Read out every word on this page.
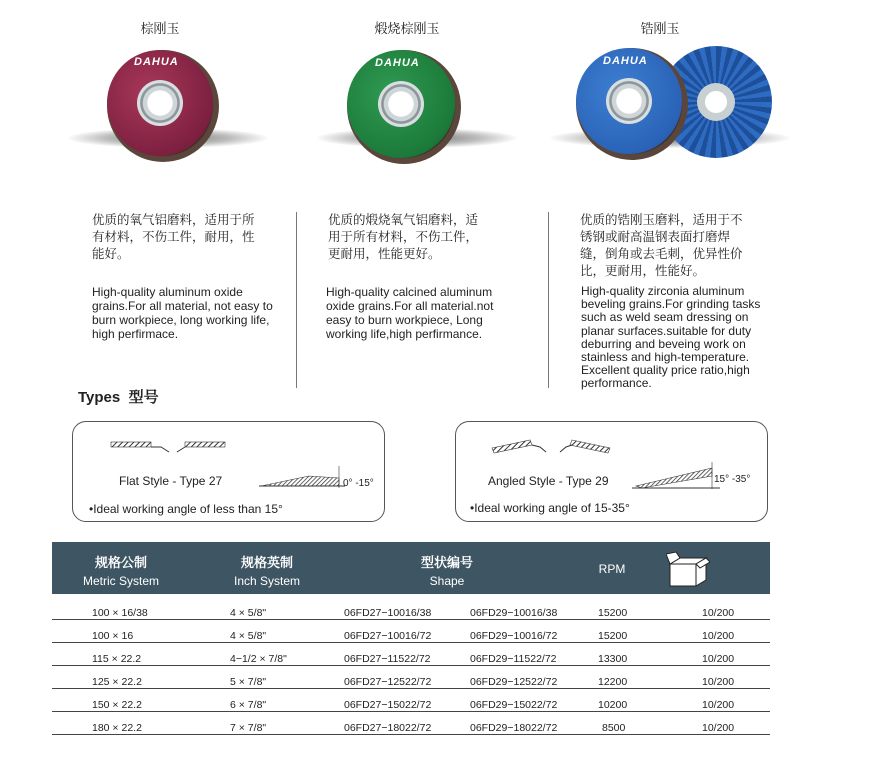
棕刚玉	煅烧棕刚玉	锆刚玉
DAHUA	DAHUA	DAHUA
优质的氧气铝磨料，适用于所
有材料，不伤工件，耐用，性
能好。
High-quality aluminum oxide
grains.For all material, not easy to
burn workpiece, long working life,
high perfirmace.
优质的煅烧氧气铝磨料，适
用于所有材料，不伤工件，
更耐用，性能更好。
High-quality calcined aluminum
oxide grains.For all material.not
easy to burn workpiece, Long
working life,high perfirmance.
优质的锆刚玉磨料，适用于不
锈钢或耐高温钢表面打磨焊
缝，倒角或去毛刺，优异性价
比，更耐用，性能好。
High-quality zirconia aluminum
beveling grains.For grinding tasks
such as weld seam dressing on
planar surfaces.suitable for duty
deburring and beveing work on
stainless and high-temperature.
Excellent quality price ratio,high
performance.
Types  型号
Flat Style - Type 27	0° -15°
•Ideal working angle of less than 15°
Angled Style - Type 29	15° -35°
•Ideal working angle of 15-35°
规格公制
Metric System
规格英制
Inch System
型状编号
Shape
RPM
100 × 16/38	4 × 5/8"	06FD27−10016/38	06FD29−10016/38	15200	10/200
100 × 16	4 × 5/8"	06FD27−10016/72	06FD29−10016/72	15200	10/200
115 × 22.2	4−1/2 × 7/8"	06FD27−11522/72	06FD29−11522/72	13300	10/200
125 × 22.2	5 × 7/8"	06FD27−12522/72	06FD29−12522/72	12200	10/200
150 × 22.2	6 × 7/8"	06FD27−15022/72	06FD29−15022/72	10200	10/200
180 × 22.2	7 × 7/8"	06FD27−18022/72	06FD29−18022/72	8500	10/200
